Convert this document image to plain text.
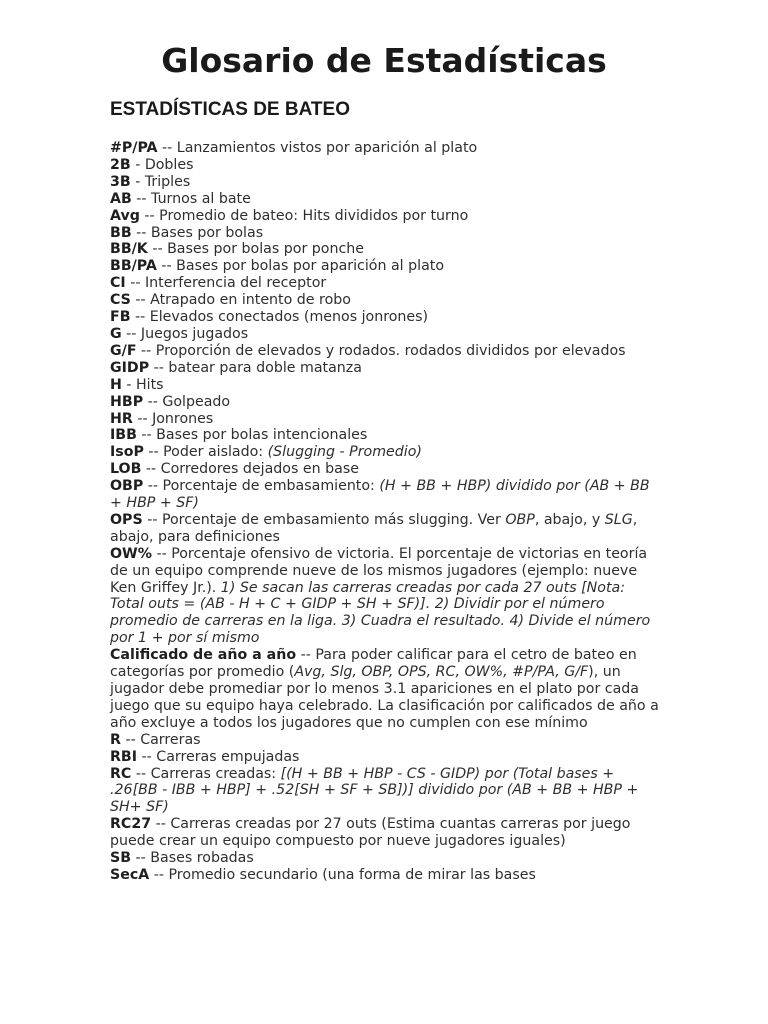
Glosario de Estadísticas
ESTADÍSTICAS DE BATEO

#P/PA -- Lanzamientos vistos por aparición al plato

2B - Dobles

3B - Triples

AB -- Turnos al bate

Avg -- Promedio de bateo: Hits divididos por turno

BB -- Bases por bolas

BB/K -- Bases por bolas por ponche

BB/PA -- Bases por bolas por aparición al plato

CI -- Interferencia del receptor

CS -- Atrapado en intento de robo

FB -- Elevados conectados (menos jonrones)

G -- Juegos jugados

G/F -- Proporción de elevados y rodados. rodados divididos por elevados

GIDP -- batear para doble matanza

H - Hits

HBP -- Golpeado

HR -- Jonrones

IBB -- Bases por bolas intencionales

IsoP -- Poder aislado: (Slugging - Promedio)

LOB -- Corredores dejados en base

OBP -- Porcentaje de embasamiento: (H + BB + HBP) dividido por (AB + BB + HBP + SF)

OPS -- Porcentaje de embasamiento más slugging. Ver OBP, abajo, y SLG, abajo, para definiciones

OW% -- Porcentaje ofensivo de victoria. El porcentaje de victorias en teoría de un equipo comprende nueve de los mismos jugadores (ejemplo: nueve Ken Griffey Jr.). 1) Se sacan las carreras creadas por cada 27 outs [Nota: Total outs = (AB - H + C + GIDP + SH + SF)]. 2) Dividir por el número promedio de carreras en la liga. 3) Cuadra el resultado. 4) Divide el número por 1 + por sí mismo

Calificado de año a año -- Para poder calificar para el cetro de bateo en categorías por promedio (Avg, Slg, OBP, OPS, RC, OW%, #P/PA, G/F), un jugador debe promediar por lo menos 3.1 apariciones en el plato por cada juego que su equipo haya celebrado. La clasificación por calificados de año a año excluye a todos los jugadores que no cumplen con ese mínimo

R -- Carreras

RBI -- Carreras empujadas

RC -- Carreras creadas: [(H + BB + HBP - CS - GIDP) por (Total bases + .26[BB - IBB + HBP] + .52[SH + SF + SB])] dividido por (AB + BB + HBP + SH+ SF)

RC27 -- Carreras creadas por 27 outs (Estima cuantas carreras por juego puede crear un equipo compuesto por nueve jugadores iguales)

SB -- Bases robadas

SecA -- Promedio secundario (una forma de mirar las bases
